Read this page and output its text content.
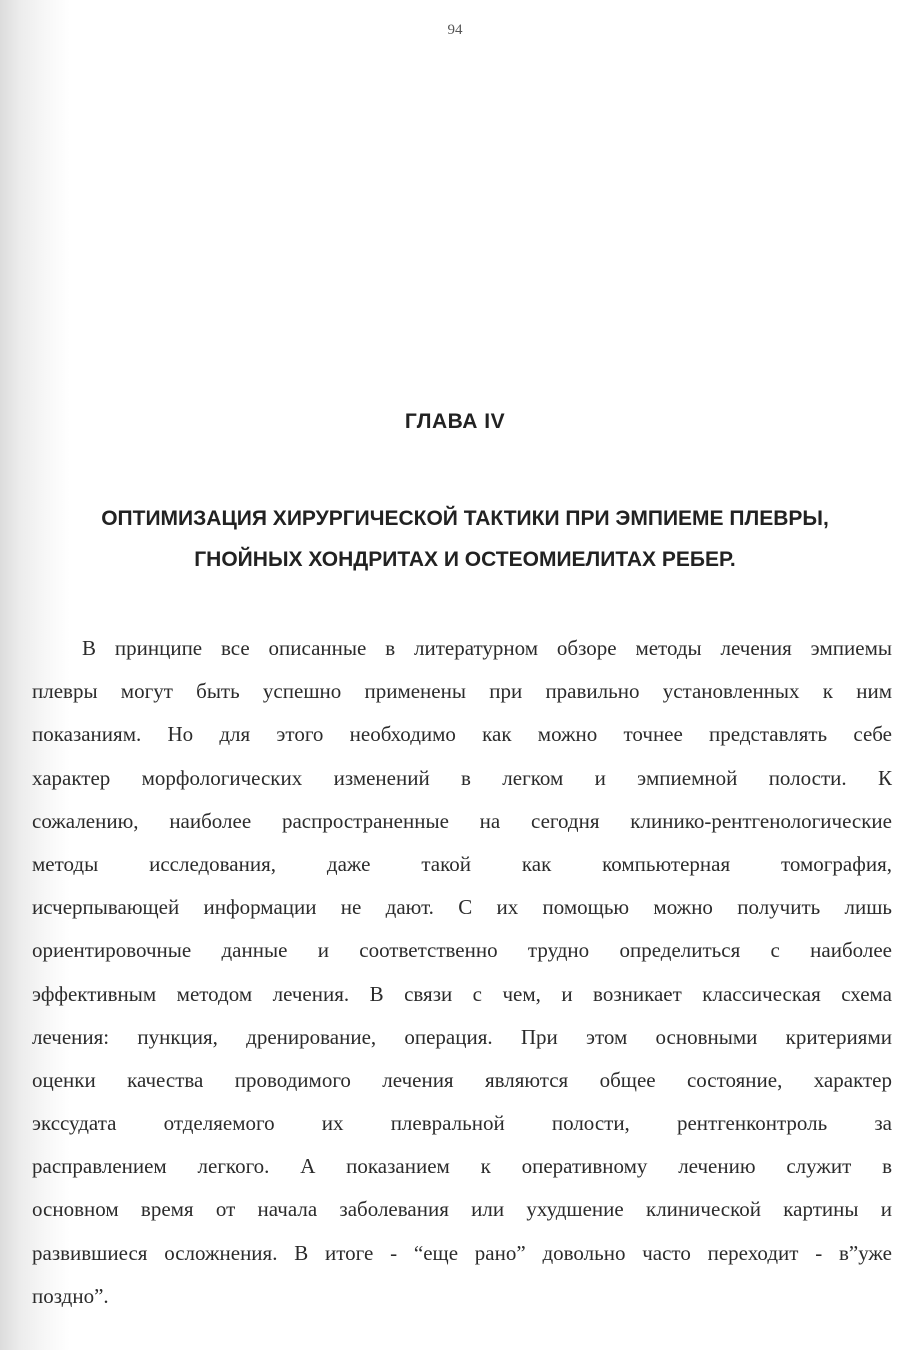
94
ГЛАВА IV
ОПТИМИЗАЦИЯ ХИРУРГИЧЕСКОЙ ТАКТИКИ ПРИ ЭМПИЕМЕ ПЛЕВРЫ,
ГНОЙНЫХ ХОНДРИТАХ И ОСТЕОМИЕЛИТАХ РЕБЕР.
В принципе все описанные в литературном обзоре методы лечения эмпиемы
плевры могут быть успешно применены при правильно установленных к ним
показаниям. Но для этого необходимо как можно точнее представлять себе
характер морфологических изменений в легком и эмпиемной полости. К
сожалению, наиболее распространенные на сегодня клинико-рентгенологические
методы исследования, даже такой как компьютерная томография,
исчерпывающей информации не дают. С их помощью можно получить лишь
ориентировочные данные и соответственно трудно определиться с наиболее
эффективным методом лечения. В связи с чем, и возникает классическая схема
лечения: пункция, дренирование, операция. При этом основными критериями
оценки качества проводимого лечения являются общее состояние, характер
экссудата отделяемого их плевральной полости, рентгенконтроль за
расправлением легкого. А показанием к оперативному лечению служит в
основном время от начала заболевания или ухудшение клинической картины и
развившиеся осложнения. В итоге - “еще рано” довольно часто переходит - в”уже
поздно”.
